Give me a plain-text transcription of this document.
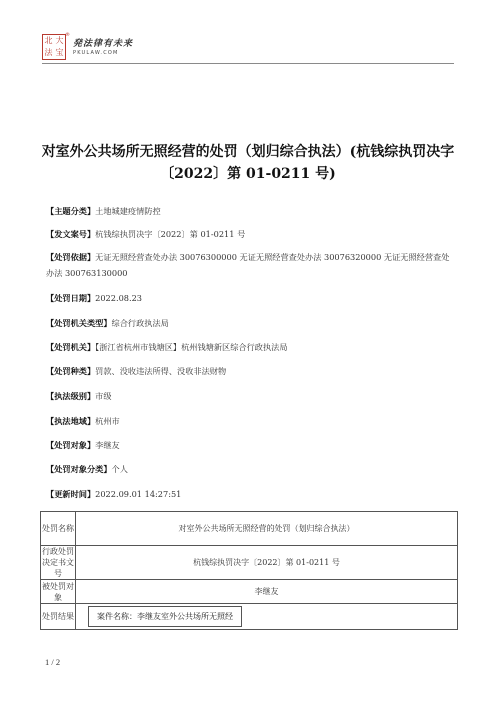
北 大
法 宝
®
発法律有未来
PKULAW.COM
对室外公共场所无照经营的处罚（划归综合执法）(杭钱综执罚决字〔2022〕第 01-0211 号)
【主题分类】土地城建疫情防控
【发文案号】杭钱综执罚决字〔2022〕第 01-0211 号
【处罚依据】无证无照经营查处办法 30076300000 无证无照经营查处办法 30076320000 无证无照经营查处办法 300763130000
【处罚日期】2022.08.23
【处罚机关类型】综合行政执法局
【处罚机关】【浙江省杭州市钱塘区】杭州钱塘新区综合行政执法局
【处罚种类】罚款、没收违法所得、没收非法财物
【执法级别】市级
【执法地域】杭州市
【处罚对象】李继友
【处罚对象分类】个人
【更新时间】2022.09.01 14:27:51
处罚名称	对室外公共场所无照经营的处罚（划归综合执法）
行政处罚决定书文号	杭钱综执罚决字〔2022〕第 01-0211 号
被处罚对象	李继友
处罚结果	案件名称：李继友室外公共场所无照经
1 / 2
